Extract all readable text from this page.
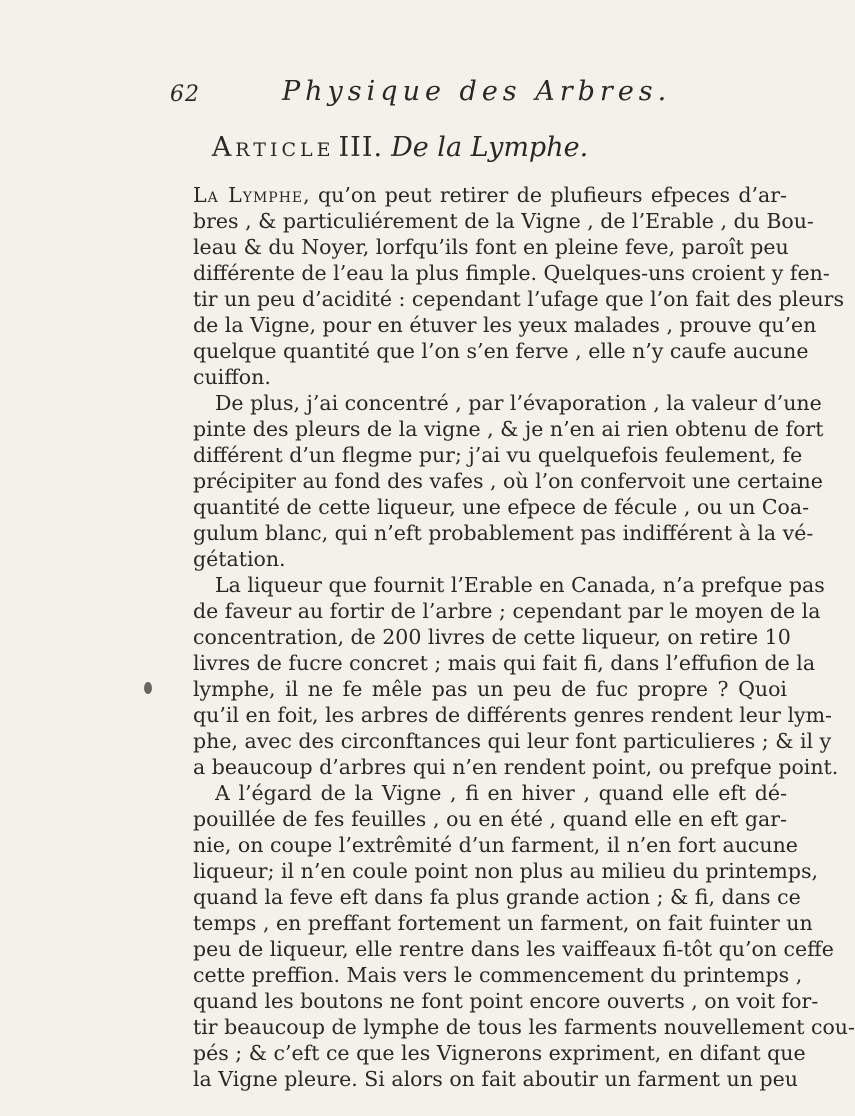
62	Physique des Arbres.
Article III. De la Lymphe.
La Lymphe, qu’on peut retirer de plufieurs efpeces d’ar-
bres , & particuliérement de la Vigne , de l’Erable , du Bou-
leau & du Noyer, lorfqu’ils font en pleine feve, paroît peu
différente de l’eau la plus fimple. Quelques-uns croient y fen-
tir un peu d’acidité : cependant l’ufage que l’on fait des pleurs
de la Vigne, pour en étuver les yeux malades , prouve qu’en
quelque quantité que l’on s’en ferve , elle n’y caufe aucune
cuiffon.
De plus, j’ai concentré , par l’évaporation , la valeur d’une
pinte des pleurs de la vigne , & je n’en ai rien obtenu de fort
différent d’un flegme pur; j’ai vu quelquefois feulement, fe
précipiter au fond des vafes , où l’on confervoit une certaine
quantité de cette liqueur, une efpece de fécule , ou un Coa-
gulum blanc, qui n’eft probablement pas indifférent à la vé-
gétation.
La liqueur que fournit l’Erable en Canada, n’a prefque pas
de faveur au fortir de l’arbre ; cependant par le moyen de la
concentration, de 200 livres de cette liqueur, on retire 10
livres de fucre concret ; mais qui fait fi, dans l’effufion de la
lymphe, il ne fe mêle pas un peu de fuc propre ? Quoi
qu’il en foit, les arbres de différents genres rendent leur lym-
phe, avec des circonftances qui leur font particulieres ; & il y
a beaucoup d’arbres qui n’en rendent point, ou prefque point.
A l’égard de la Vigne , fi en hiver , quand elle eft dé-
pouillée de fes feuilles , ou en été , quand elle en eft gar-
nie, on coupe l’extrêmité d’un farment, il n’en fort aucune
liqueur; il n’en coule point non plus au milieu du printemps,
quand la feve eft dans fa plus grande action ; & fi, dans ce
temps , en preffant fortement un farment, on fait fuinter un
peu de liqueur, elle rentre dans les vaiffeaux fi-tôt qu’on ceffe
cette preffion. Mais vers le commencement du printemps ,
quand les boutons ne font point encore ouverts , on voit for-
tir beaucoup de lymphe de tous les farments nouvellement cou-
pés ; & c’eft ce que les Vignerons expriment, en difant que
la Vigne pleure. Si alors on fait aboutir un farment un peu
